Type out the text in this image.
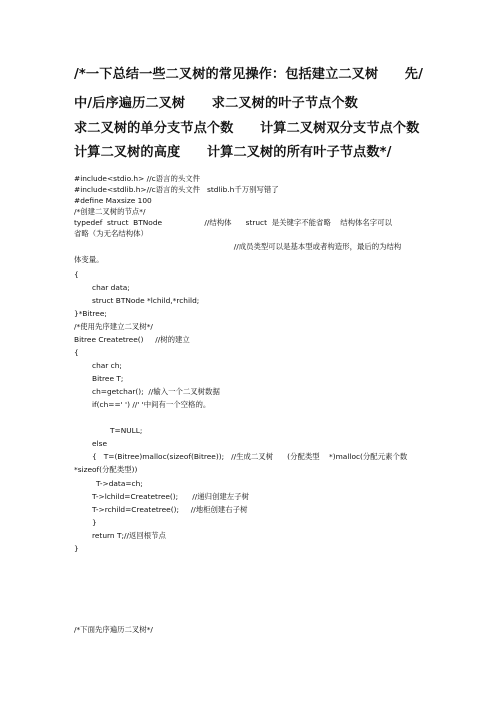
/*一下总结一些二叉树的常见操作：包括建立二叉树　　先/
中/后序遍历二叉树　　求二叉树的叶子节点个数
求二叉树的单分支节点个数　　计算二叉树双分支节点个数
计算二叉树的高度　　计算二叉树的所有叶子节点数*/
#include<stdio.h> //c语言的头文件
#include<stdlib.h>//c语言的头文件   stdlib.h千万别写错了
#define Maxsize 100
/*创建二叉树的节点*/
typedef  struct  BTNode                  //结构体      struct  是关键字不能省略    结构体名字可以
省略（为无名结构体）
//成员类型可以是基本型或者构造形，最后的为结构
体变量。
{
char data;
struct BTNode *lchild,*rchild;
}*Bitree;
/*使用先序建立二叉树*/
Bitree Createtree()     //树的建立
{
char ch;
Bitree T;
ch=getchar();  //输入一个二叉树数据
if(ch==' ') //' '中间有一个空格的。
T=NULL;
else
{   T=(Bitree)malloc(sizeof(Bitree));   //生成二叉树      (分配类型    *)malloc(分配元素个数
*sizeof(分配类型))
T->data=ch;
T->lchild=Createtree();      //递归创建左子树
T->rchild=Createtree();     //地柜创建右子树
}
return T;//返回根节点
}
/*下面先序遍历二叉树*/
